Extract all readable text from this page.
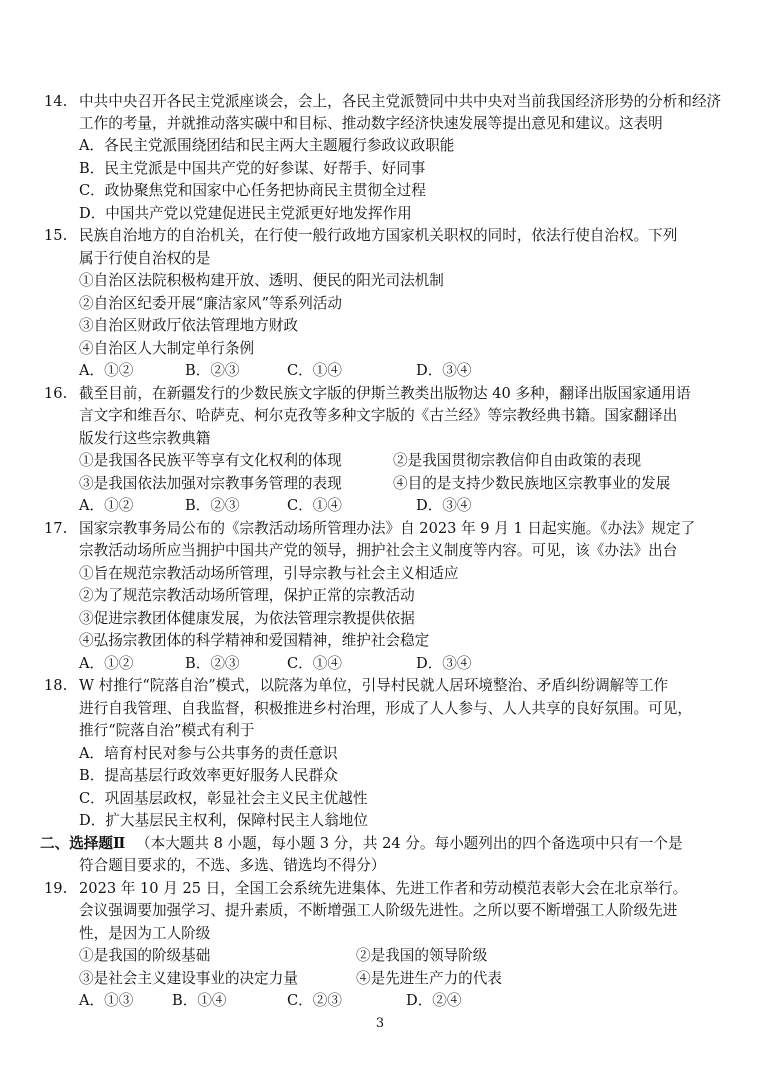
14. 中共中央召开各民主党派座谈会，会上，各民主党派赞同中共中央对当前我国经济形势的分析和经济
工作的考量，并就推动落实碳中和目标、推动数字经济快速发展等提出意见和建议。这表明
A．各民主党派围绕团结和民主两大主题履行参政议政职能
B．民主党派是中国共产党的好参谋、好帮手、好同事
C．政协聚焦党和国家中心任务把协商民主贯彻全过程
D．中国共产党以党建促进民主党派更好地发挥作用
15. 民族自治地方的自治机关，在行使一般行政地方国家机关职权的同时，依法行使自治权。下列
属于行使自治权的是
①自治区法院积极构建开放、透明、便民的阳光司法机制
②自治区纪委开展“廉洁家风”等系列活动
③自治区财政厅依法管理地方财政
④自治区人大制定单行条例
A．①②	B．②③	C．①④	D．③④
16. 截至目前，在新疆发行的少数民族文字版的伊斯兰教类出版物达 40 多种，翻译出版国家通用语
言文字和维吾尔、哈萨克、柯尔克孜等多种文字版的《古兰经》等宗教经典书籍。国家翻译出
版发行这些宗教典籍
①是我国各民族平等享有文化权利的体现	②是我国贯彻宗教信仰自由政策的表现
③是我国依法加强对宗教事务管理的表现	④目的是支持少数民族地区宗教事业的发展
A．①②	B．②③	C．①④	D．③④
17. 国家宗教事务局公布的《宗教活动场所管理办法》自 2023 年 9 月 1 日起实施。《办法》规定了
宗教活动场所应当拥护中国共产党的领导，拥护社会主义制度等内容。可见，该《办法》出台
①旨在规范宗教活动场所管理，引导宗教与社会主义相适应
②为了规范宗教活动场所管理，保护正常的宗教活动
③促进宗教团体健康发展，为依法管理宗教提供依据
④弘扬宗教团体的科学精神和爱国精神，维护社会稳定
A．①②	B．②③	C．①④	D．③④
18. W 村推行“院落自治”模式，以院落为单位，引导村民就人居环境整治、矛盾纠纷调解等工作
进行自我管理、自我监督，积极推进乡村治理，形成了人人参与、人人共享的良好氛围。可见，
推行“院落自治”模式有利于
A．培育村民对参与公共事务的责任意识
B．提高基层行政效率更好服务人民群众
C．巩固基层政权，彰显社会主义民主优越性
D．扩大基层民主权利，保障村民主人翁地位
二、选择题Ⅱ （本大题共 8 小题，每小题 3 分，共 24 分。每小题列出的四个备选项中只有一个是
符合题目要求的，不选、多选、错选均不得分）
19. 2023 年 10 月 25 日，全国工会系统先进集体、先进工作者和劳动模范表彰大会在北京举行。
会议强调要加强学习、提升素质，不断增强工人阶级先进性。之所以要不断增强工人阶级先进
性，是因为工人阶级
①是我国的阶级基础	②是我国的领导阶级
③是社会主义建设事业的决定力量	④是先进生产力的代表
A．①③	B．①④	C．②③	D．②④
3
